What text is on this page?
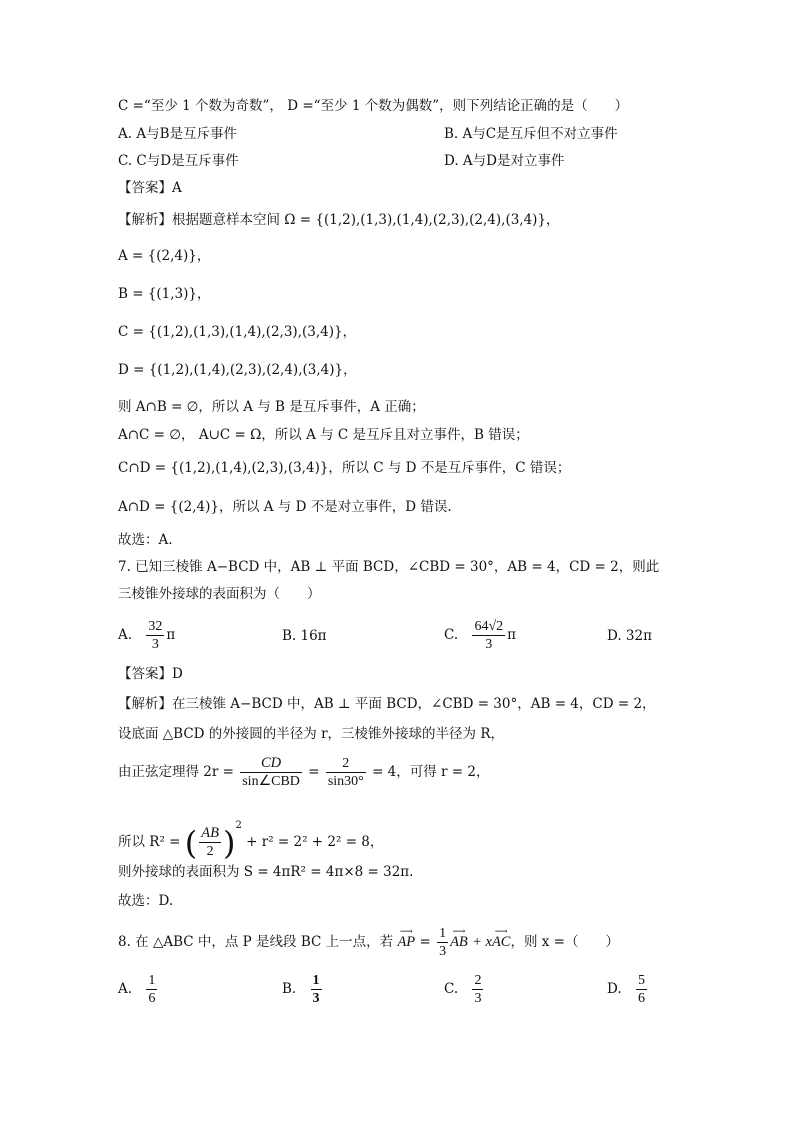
C =“至少 1 个数为奇数”， D =“至少 1 个数为偶数”，则下列结论正确的是（　　）
A. A与B是互斥事件	B. A与C是互斥但不对立事件
C. C与D是互斥事件	D. A与D是对立事件
【答案】A
【解析】根据题意样本空间 Ω = {(1,2),(1,3),(1,4),(2,3),(2,4),(3,4)}，
A = {(2,4)}，
B = {(1,3)}，
C = {(1,2),(1,3),(1,4),(2,3),(3,4)}，
D = {(1,2),(1,4),(2,3),(2,4),(3,4)}，
则 A∩B = ∅，所以 A 与 B 是互斥事件，A 正确；
A∩C = ∅， A∪C = Ω，所以 A 与 C 是互斥且对立事件，B 错误；
C∩D = {(1,2),(1,4),(2,3),(3,4)}，所以 C 与 D 不是互斥事件，C 错误；
A∩D = {(2,4)}，所以 A 与 D 不是对立事件，D 错误.
故选：A.
7. 已知三棱锥 A−BCD 中，AB ⊥ 平面 BCD，∠CBD = 30°，AB = 4，CD = 2，则此
三棱锥外接球的表面积为（　　）
A. $\frac{32}{3}$ π	B. 16π	C. $\frac{64√2}{3}$ π	D. 32π
【答案】D
【解析】在三棱锥 A−BCD 中，AB ⊥ 平面 BCD，∠CBD = 30°，AB = 4，CD = 2，
设底面 △BCD 的外接圆的半径为 r，三棱锥外接球的半径为 R，
由正弦定理得 $2r = \frac{CD}{\text{sin∠CBD}} = \frac{2}{\sin 30^\circ} = 4$，可得 r = 2，
所以 R² = ( $\frac{AB}{2} )^2 + r^2 = 2^2 + 2^2 = 8$，
则外接球的表面积为 S = 4πR² = 4π×8 = 32π.
故选：D.
8. 在 △ABC 中，点 P 是线段 BC 上一点，若
⟶
AP = $\frac{1}{3}$ ⟶
AB + x
⟶
AC，则 x =（　　）
A. $\frac{1}{6}$	B. $\frac{1}{3}$	C. $\frac{2}{3}$	D. $\frac{5}{6}$
